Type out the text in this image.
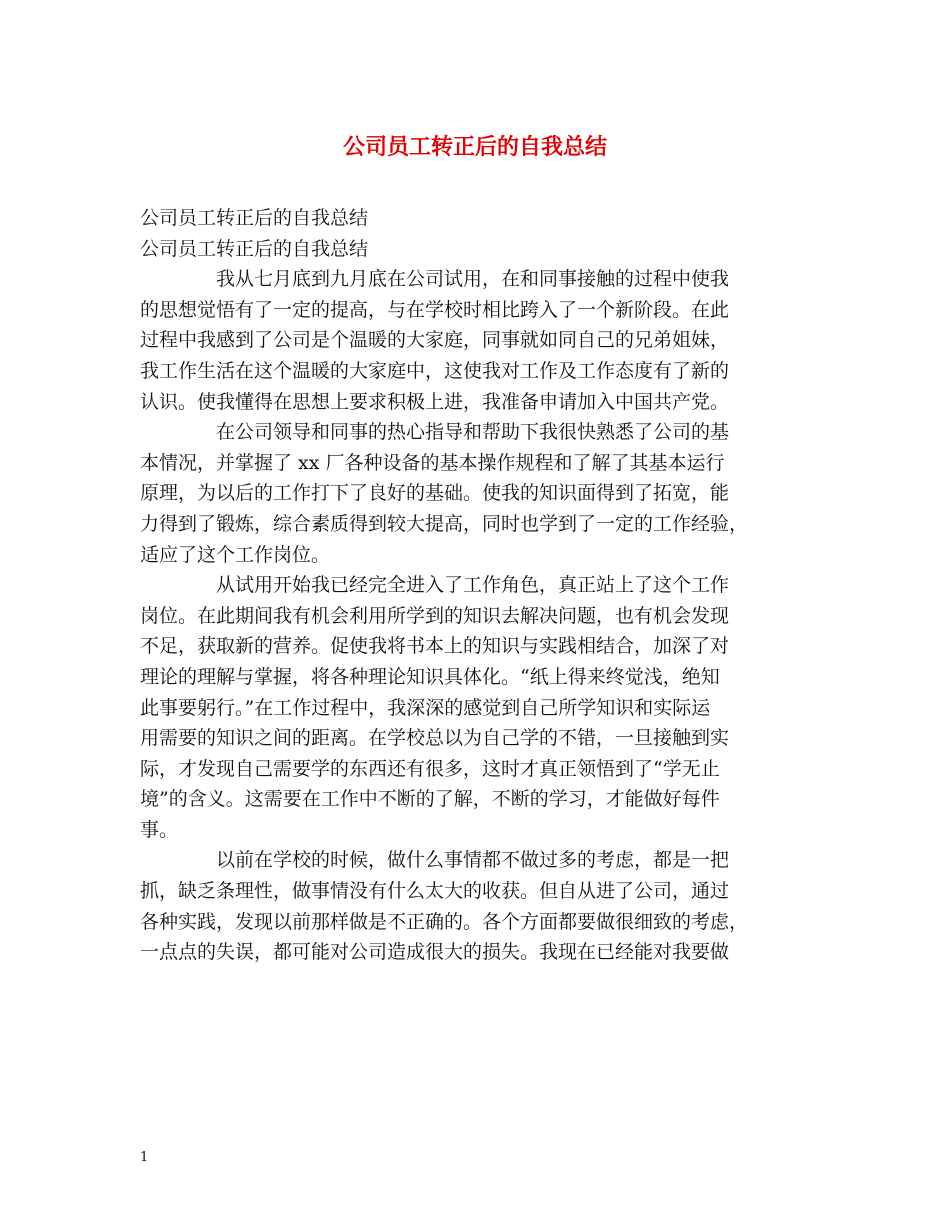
公司员工转正后的自我总结
公司员工转正后的自我总结
公司员工转正后的自我总结
我从七月底到九月底在公司试用，在和同事接触的过程中使我
的思想觉悟有了一定的提高，与在学校时相比跨入了一个新阶段。在此
过程中我感到了公司是个温暖的大家庭，同事就如同自己的兄弟姐妹，
我工作生活在这个温暖的大家庭中，这使我对工作及工作态度有了新的
认识。使我懂得在思想上要求积极上进，我准备申请加入中国共产党。
在公司领导和同事的热心指导和帮助下我很快熟悉了公司的基
本情况，并掌握了 xx 厂各种设备的基本操作规程和了解了其基本运行
原理，为以后的工作打下了良好的基础。使我的知识面得到了拓宽，能
力得到了锻炼，综合素质得到较大提高，同时也学到了一定的工作经验，
适应了这个工作岗位。
从试用开始我已经完全进入了工作角色，真正站上了这个工作
岗位。在此期间我有机会利用所学到的知识去解决问题，也有机会发现
不足，获取新的营养。促使我将书本上的知识与实践相结合，加深了对
理论的理解与掌握，将各种理论知识具体化。“纸上得来终觉浅，绝知
此事要躬行。”在工作过程中，我深深的感觉到自己所学知识和实际运
用需要的知识之间的距离。在学校总以为自己学的不错，一旦接触到实
际，才发现自己需要学的东西还有很多，这时才真正领悟到了“学无止
境”的含义。这需要在工作中不断的了解，不断的学习，才能做好每件
事。
以前在学校的时候，做什么事情都不做过多的考虑，都是一把
抓，缺乏条理性，做事情没有什么太大的收获。但自从进了公司，通过
各种实践，发现以前那样做是不正确的。各个方面都要做很细致的考虑，
一点点的失误，都可能对公司造成很大的损失。我现在已经能对我要做
1
